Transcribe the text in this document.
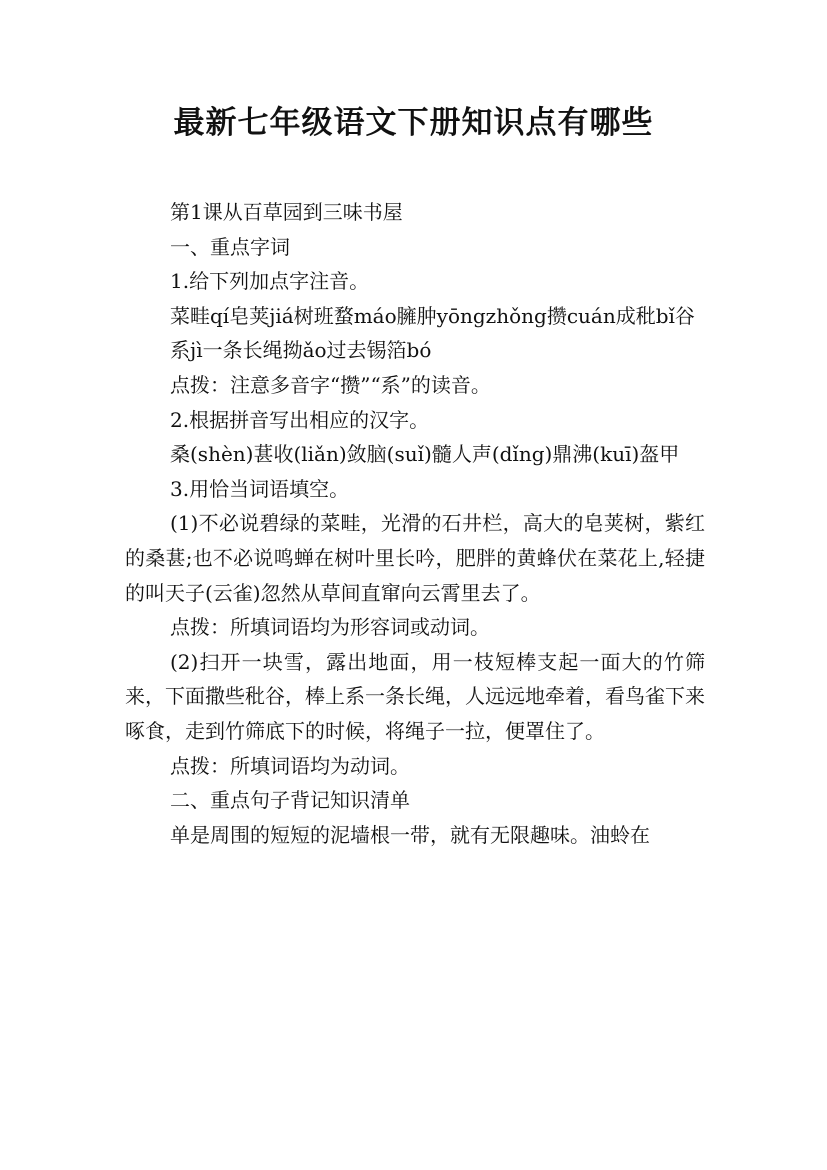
最新七年级语文下册知识点有哪些

第1课从百草园到三味书屋

一、重点字词

1.给下列加点字注音。

菜畦qí皂荚jiá树班蝥máo臃肿yōngzhǒng攒cuán成秕bǐ谷

系jì一条长绳拗ǎo过去锡箔bó

点拨：注意多音字“攒”“系”的读音。

2.根据拼音写出相应的汉字。

桑(shèn)葚收(liǎn)敛脑(suǐ)髓人声(dǐng)鼎沸(kuī)盔甲

3.用恰当词语填空。

(1)不必说碧绿的菜畦，光滑的石井栏，高大的皂荚树，紫红的桑葚;也不必说鸣蝉在树叶里长吟，肥胖的黄蜂伏在菜花上,轻捷的叫天子(云雀)忽然从草间直窜向云霄里去了。

点拨：所填词语均为形容词或动词。

(2)扫开一块雪，露出地面，用一枝短棒支起一面大的竹筛来，下面撒些秕谷，棒上系一条长绳，人远远地牵着，看鸟雀下来啄食，走到竹筛底下的时候，将绳子一拉，便罩住了。

点拨：所填词语均为动词。

二、重点句子背记知识清单

单是周围的短短的泥墙根一带，就有无限趣味。油蛉在
